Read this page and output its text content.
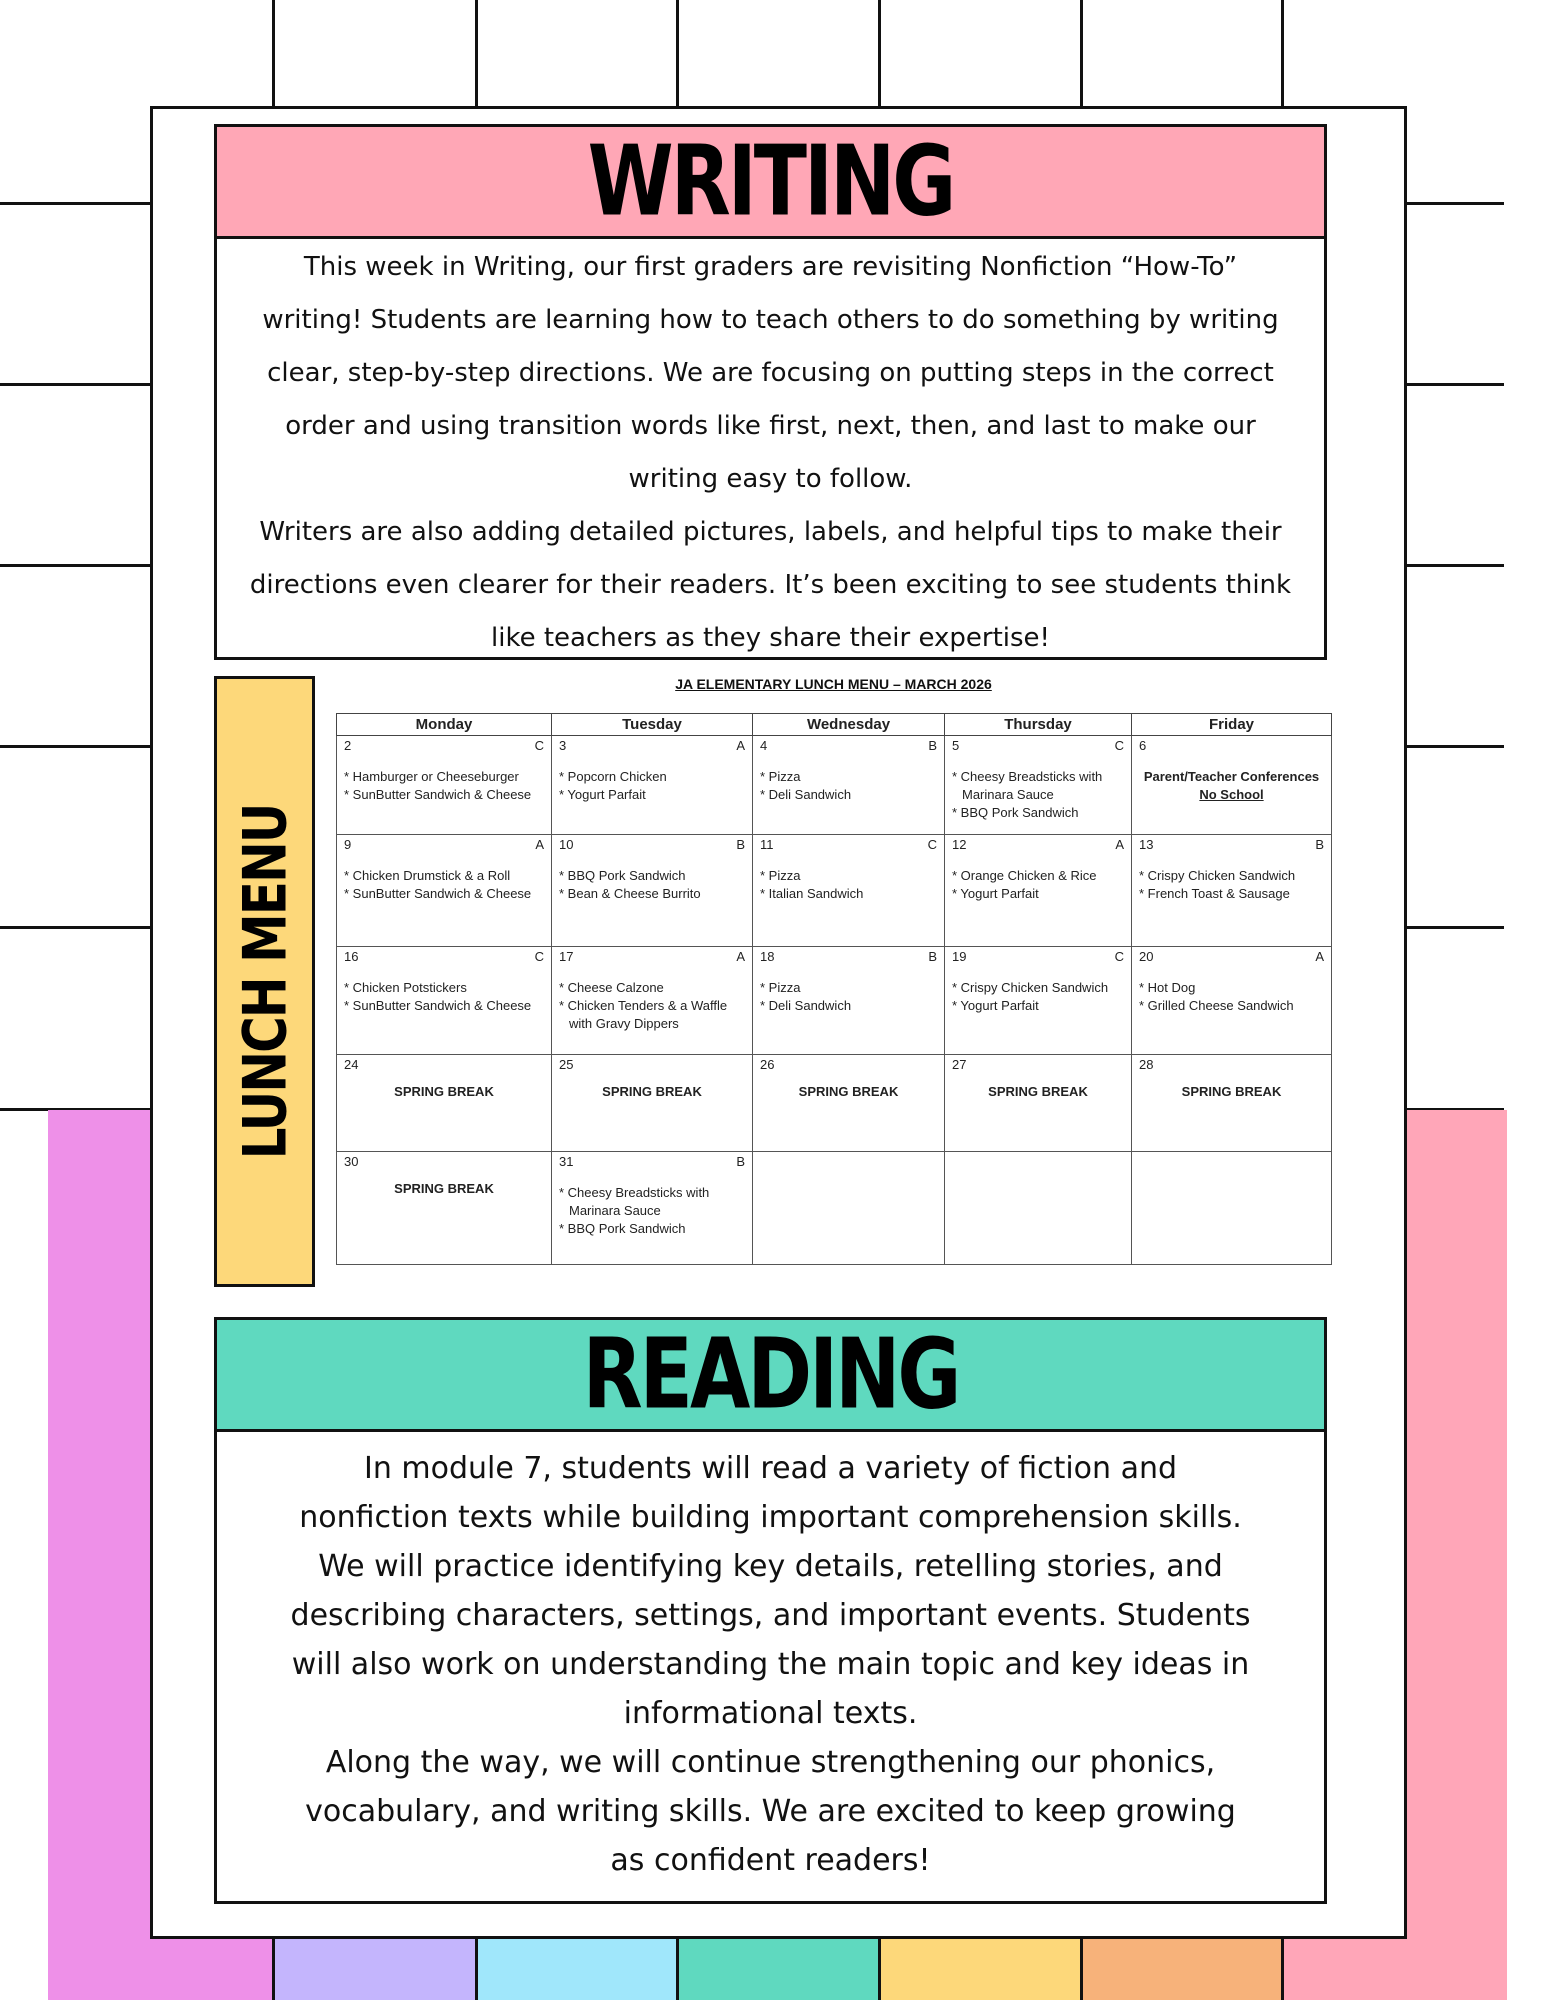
WRITING
This week in Writing, our first graders are revisiting Nonfiction “How-To”
writing! Students are learning how to teach others to do something by writing
clear, step-by-step directions. We are focusing on putting steps in the correct
order and using transition words like first, next, then, and last to make our
writing easy to follow.
Writers are also adding detailed pictures, labels, and helpful tips to make their
directions even clearer for their readers. It’s been exciting to see students think
like teachers as they share their expertise!
LUNCH MENU
JA ELEMENTARY LUNCH MENU – MARCH 2026
Monday	Tuesday	Wednesday	Thursday	Friday

2	C
* Hamburger or Cheeseburger
* SunButter Sandwich & Cheese

3	A
* Popcorn Chicken
* Yogurt Parfait

4	B
* Pizza
* Deli Sandwich

5	C
* Cheesy Breadsticks with Marinara Sauce
* BBQ Pork Sandwich

6
Parent/Teacher Conferences
No School

9	A
* Chicken Drumstick & a Roll
* SunButter Sandwich & Cheese

10	B
* BBQ Pork Sandwich
* Bean & Cheese Burrito

11	C
* Pizza
* Italian Sandwich

12	A
* Orange Chicken & Rice
* Yogurt Parfait

13	B
* Crispy Chicken Sandwich
* French Toast & Sausage

16	C
* Chicken Potstickers
* SunButter Sandwich & Cheese

17	A
* Cheese Calzone
* Chicken Tenders & a Waffle with Gravy Dippers

18	B
* Pizza
* Deli Sandwich

19	C
* Crispy Chicken Sandwich
* Yogurt Parfait

20	A
* Hot Dog
* Grilled Cheese Sandwich

24
SPRING BREAK

25
SPRING BREAK

26
SPRING BREAK

27
SPRING BREAK

28
SPRING BREAK

30
SPRING BREAK

31	B
* Cheesy Breadsticks with Marinara Sauce
* BBQ Pork Sandwich

READING
In module 7, students will read a variety of fiction and
nonfiction texts while building important comprehension skills.
We will practice identifying key details, retelling stories, and
describing characters, settings, and important events. Students
will also work on understanding the main topic and key ideas in
informational texts.
Along the way, we will continue strengthening our phonics,
vocabulary, and writing skills. We are excited to keep growing
as confident readers!
